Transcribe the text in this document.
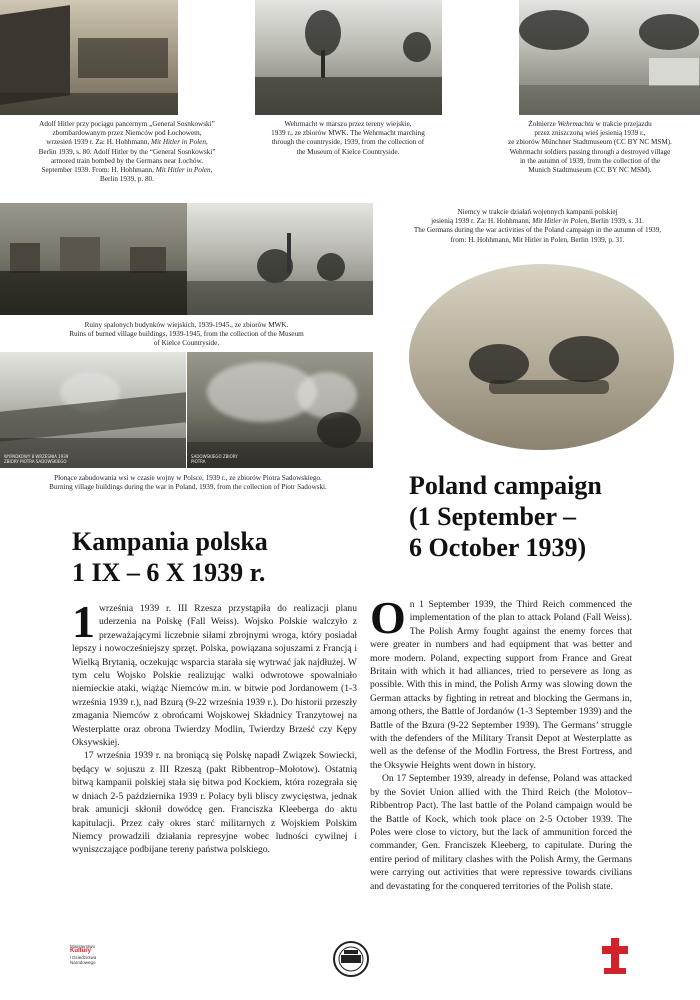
Adolf Hitler przy pociągu pancernym „General Sosnkowski”
zbombardowanym przez Niemców pod Łochowem,
wrzesień 1939 r. Za: H. Hohhmann, Mit Hitler in Polen,
Berlin 1939, s. 80. Adolf Hitler by the “General Sosnkowski”
armored train bombed by the Germans near Łochów.
September 1939. From: H. Hohhmann, Mit Hitler in Polen,
Berlin 1939, p. 80.
Wehrmacht w marszu przez tereny wiejskie,
1939 r., ze zbiorów MWK. The Wehrmacht marching
through the countryside, 1939, from the collection of
the Museum of Kielce Countryside.
Żołnierze Wehrmachtu w trakcie przejazdu
przez zniszczoną wieś jesienią 1939 r.,
ze zbiorów Münchner Stadtmuseum (CC BY NC MSM).
Wehrmacht soldiers passing through a destroyed village
in the autumn of 1939, from the collection of the
Munich Stadtmuseum (CC BY NC MSM).
Ruiny spalonych budynków wiejskich, 1939-1945., ze zbiorów MWK.
Ruins of burned village buildings, 1939-1945, from the collection of the Museum
of Kielce Countryside.
WYPADKOWY 8 WRZESNIA 1939 ZBIORY PIOTRA SADOWSKIEGO
SADOWSKIEGO ZBIORY PIOTRA
Płonące zabudowania wsi w czasie wojny w Polsce, 1939 r., ze zbiorów Piotra Sadowskiego.
Burning village buildings during the war in Poland, 1939, from the collection of Piotr Sadowski.
Niemcy w trakcie działań wojennych kampanii polskiej
jesienią 1939 r. Za: H. Hohhmann, Mit Hitler in Polen, Berlin 1939, s. 31.
The Germans during the war activities of the Poland campaign in the autumn of 1939,
from: H. Hohhmann, Mit Hitler in Polen, Berlin 1939, p. 31.
Poland campaign
(1 September –
6 October 1939)
Kampania polska
1 IX – 6 X 1939 r.

1 września 1939 r. III Rzesza przystąpiła do realizacji planu uderzenia na Polskę (Fall Weiss). Wojsko Polskie walczyło z przeważającymi liczebnie siłami zbrojnymi wroga, który posiadał lepszy i nowocześniejszy sprzęt. Polska, powiązana sojuszami z Francją i Wielką Brytanią, oczekując wsparcia starała się wytrwać jak najdłużej. W tym celu Wojsko Polskie realizując walki odwrotowe spowalniało niemieckie ataki, wiążąc Niemców m.in. w bitwie pod Jordanowem (1-3 września 1939 r.), nad Bzurą (9-22 września 1939 r.). Do historii przeszły zmagania Niemców z obrońcami Wojskowej Składnicy Tranzytowej na Westerplatte oraz obrona Twierdzy Modlin, Twierdzy Brześć czy Kępy Oksywskiej.

17 września 1939 r. na broniącą się Polskę napadł Związek Sowiecki, będący w sojuszu z III Rzeszą (pakt Ribbentrop–Mołotow). Ostatnią bitwą kampanii polskiej stała się bitwa pod Kockiem, która rozegrała się w dniach 2-5 października 1939 r. Polacy byli bliscy zwycięstwa, jednak brak amunicji skłonił dowódcę gen. Franciszka Kleeberga do aktu kapitulacji. Przez cały okres starć militarnych z Wojskiem Polskim Niemcy prowadzili działania represyjne wobec ludności cywilnej i wyniszczające podbijane tereny państwa polskiego.

On 1 September 1939, the Third Reich commenced the implementation of the plan to attack Poland (Fall Weiss). The Polish Army fought against the enemy forces that were greater in numbers and had equipment that was better and more modern. Poland, expecting support from France and Great Britain with which it had alliances, tried to persevere as long as possible. With this in mind, the Polish Army was slowing down the German attacks by fighting in retreat and blocking the Germans in, among others, the Battle of Jordanów (1-3 September 1939) and the Battle of the Bzura (9-22 September 1939). The Germans’ struggle with the defenders of the Military Transit Depot at Westerplatte as well as the defense of the Modlin Fortress, the Brest Fortress, and the Oksywie Heights went down in history.

On 17 September 1939, already in defense, Poland was attacked by the Soviet Union allied with the Third Reich (the Molotov–Ribbentrop Pact). The last battle of the Poland campaign would be the Battle of Kock, which took place on 2-5 October 1939. The Poles were close to victory, but the lack of ammunition forced the commander, Gen. Franciszek Kleeberg, to capitulate. During the entire period of military clashes with the Polish Army, the Germans were carrying out activities that were repressive towards civilians and devastating for the conquered territories of the Polish state.

Ministerstwo
Kultury
i Dziedzictwa
Narodowego
